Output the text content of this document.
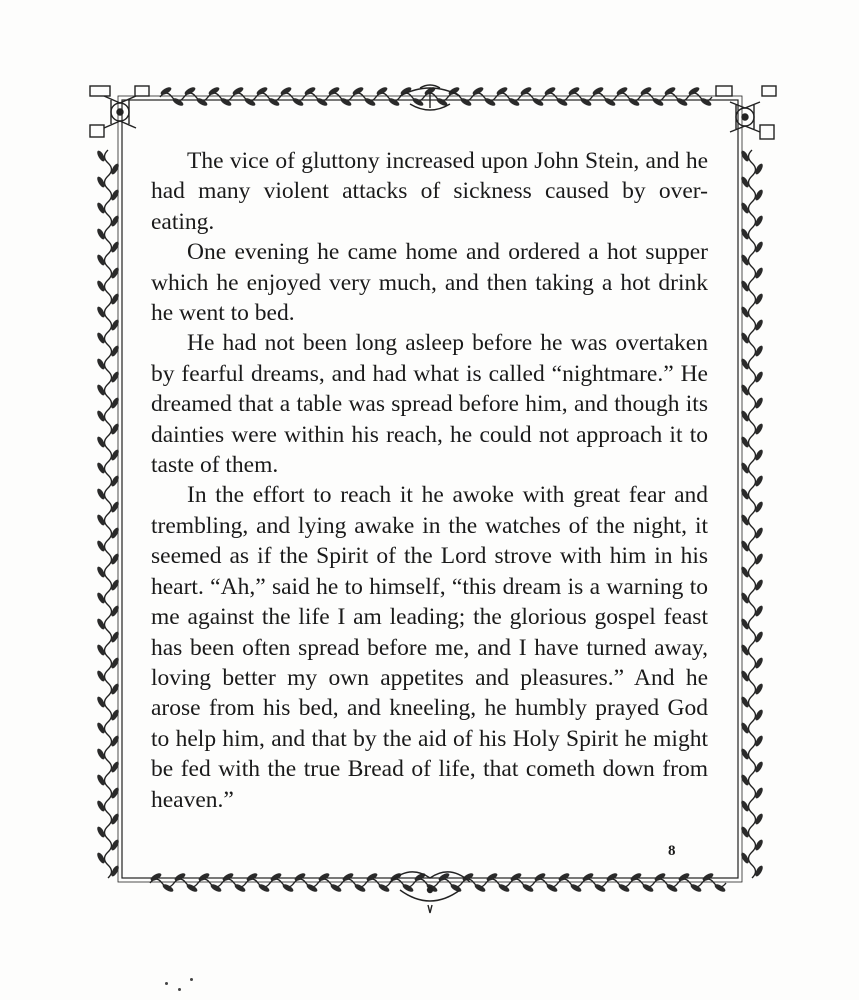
The vice of gluttony increased upon John Stein, and he had many violent attacks of sickness caused by over-eating.

One evening he came home and ordered a hot supper which he enjoyed very much, and then taking a hot drink he went to bed.

He had not been long asleep before he was overtaken by fearful dreams, and had what is called “nightmare.” He dreamed that a table was spread before him, and though its dainties were within his reach, he could not approach it to taste of them.

In the effort to reach it he awoke with great fear and trembling, and lying awake in the watches of the night, it seemed as if the Spirit of the Lord strove with him in his heart. “Ah,” said he to himself, “this dream is a warning to me against the life I am leading; the glorious gospel feast has been often spread before me, and I have turned away, loving better my own appetites and pleasures.” And he arose from his bed, and kneeling, he humbly prayed God to help him, and that by the aid of his Holy Spirit he might be fed with the true Bread of life, that cometh down from heaven.”

8
